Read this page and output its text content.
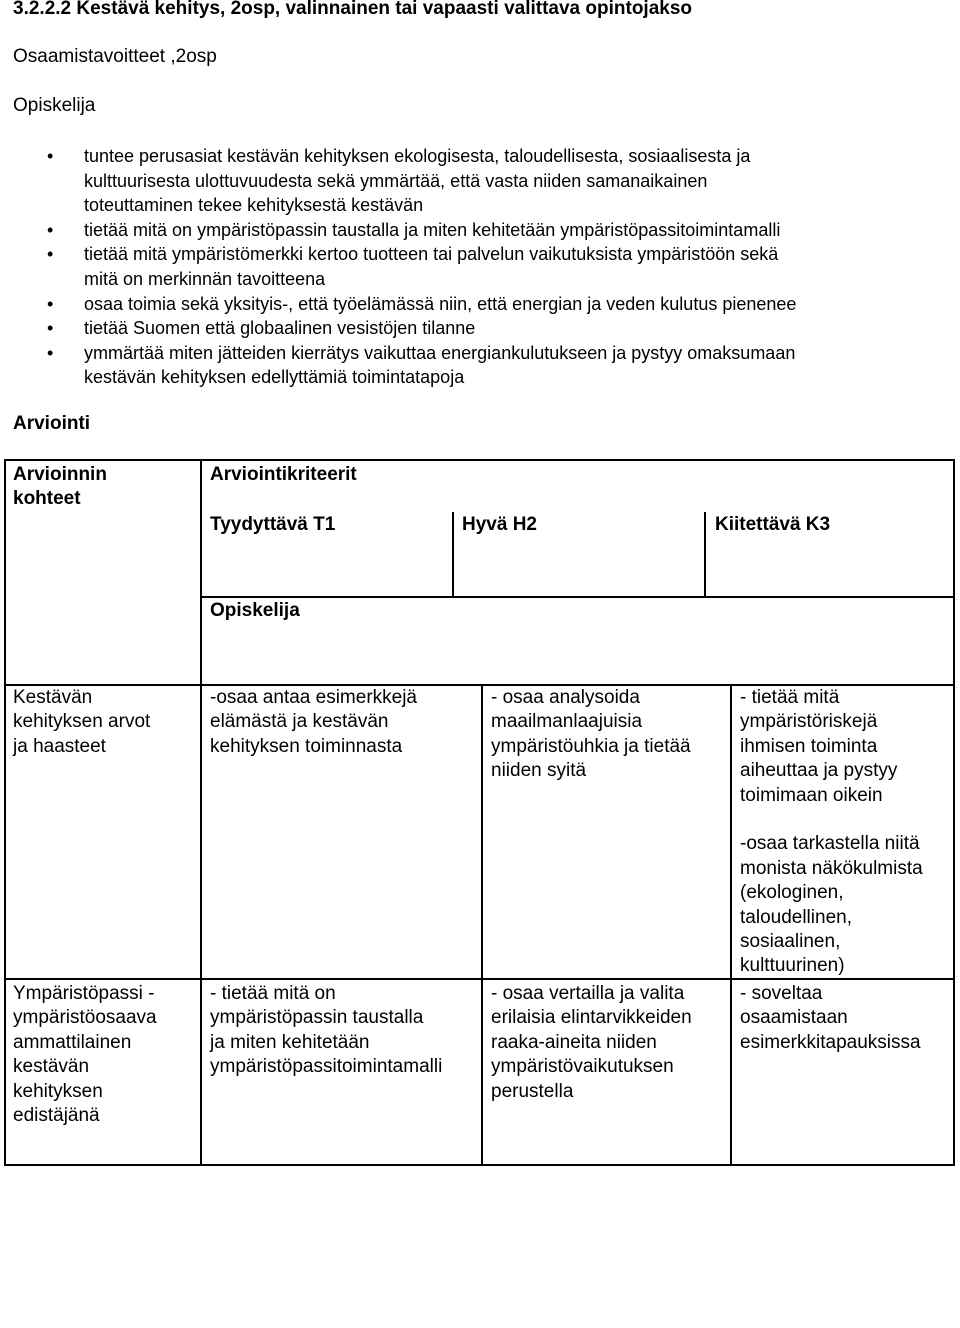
3.2.2.2 Kestävä kehitys, 2osp, valinnainen tai vapaasti valittava opintojakso
Osaamistavoitteet ,2osp
Opiskelija
• tuntee perusasiat kestävän kehityksen ekologisesta, taloudellisesta, sosiaalisesta ja
kulttuurisesta ulottuvuudesta sekä ymmärtää, että vasta niiden samanaikainen
toteuttaminen tekee kehityksestä kestävän
• tietää mitä on ympäristöpassin taustalla ja miten kehitetään ympäristöpassitoimintamalli
• tietää mitä ympäristömerkki kertoo tuotteen tai palvelun vaikutuksista ympäristöön sekä
mitä on merkinnän tavoitteena
• osaa toimia sekä yksityis-, että työelämässä niin, että energian ja veden kulutus pienenee
• tietää Suomen että globaalinen vesistöjen tilanne
• ymmärtää miten jätteiden kierrätys vaikuttaa energiankulutukseen ja pystyy omaksumaan
kestävän kehityksen edellyttämiä toimintatapoja
Arviointi
Arvioinnin
kohteet
Arviointikriteerit
Tyydyttävä T1	Hyvä H2	Kiitettävä K3
Opiskelija
Kestävän
kehityksen arvot
ja haasteet
-osaa antaa esimerkkejä
elämästä ja kestävän
kehityksen toiminnasta
- osaa analysoida
maailmanlaajuisia
ympäristöuhkia ja tietää
niiden syitä
- tietää mitä
ympäristöriskejä
ihmisen toiminta
aiheuttaa ja pystyy
toimimaan oikein

-osaa tarkastella niitä
monista näkökulmista
(ekologinen,
taloudellinen,
sosiaalinen,
kulttuurinen)
Ympäristöpassi -
ympäristöosaava
ammattilainen
kestävän
kehityksen
edistäjänä
- tietää mitä on
ympäristöpassin taustalla
ja miten kehitetään
ympäristöpassitoimintamalli
- osaa vertailla ja valita
erilaisia elintarvikkeiden
raaka-aineita niiden
ympäristövaikutuksen
perustella
- soveltaa
osaamistaan
esimerkkitapauksissa
